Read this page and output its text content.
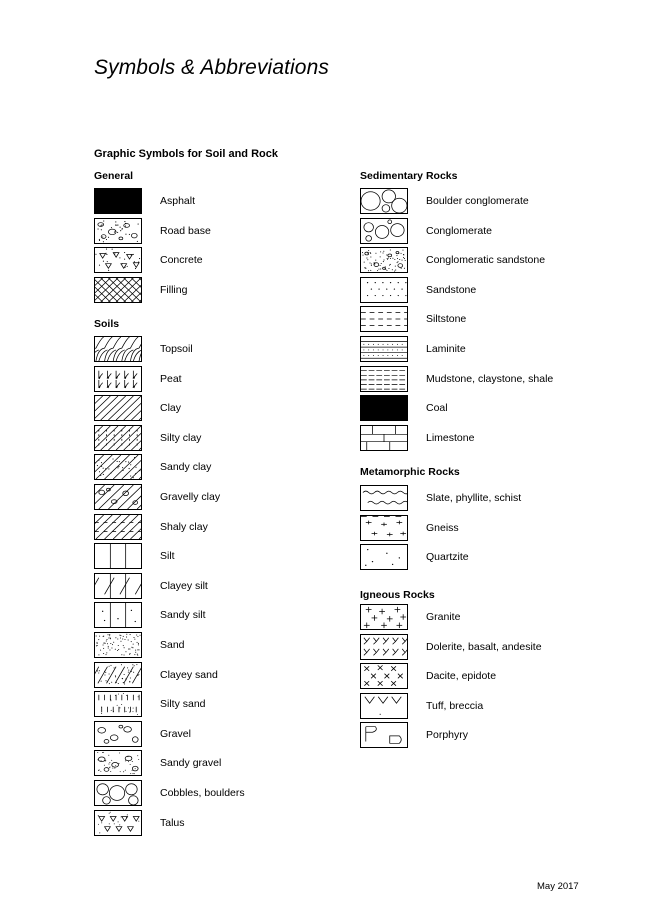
Symbols & Abbreviations
Graphic Symbols for Soil and Rock
General
Soils
Sedimentary Rocks
Metamorphic Rocks
Igneous Rocks
Asphalt
Road base
Concrete
Filling
Topsoil
Peat
Clay
Silty clay
Sandy clay
Gravelly clay
Shaly clay
Silt
Clayey silt
Sandy silt
Sand
Clayey sand
Silty sand
Gravel
Sandy gravel
Cobbles, boulders
Talus
Boulder conglomerate
Conglomerate
Conglomeratic sandstone
Sandstone
Siltstone
Laminite
Mudstone, claystone, shale
Coal
Limestone
Slate, phyllite, schist
Gneiss
Quartzite
Granite
Dolerite, basalt, andesite
Dacite, epidote
Tuff, breccia
Porphyry
May 2017
